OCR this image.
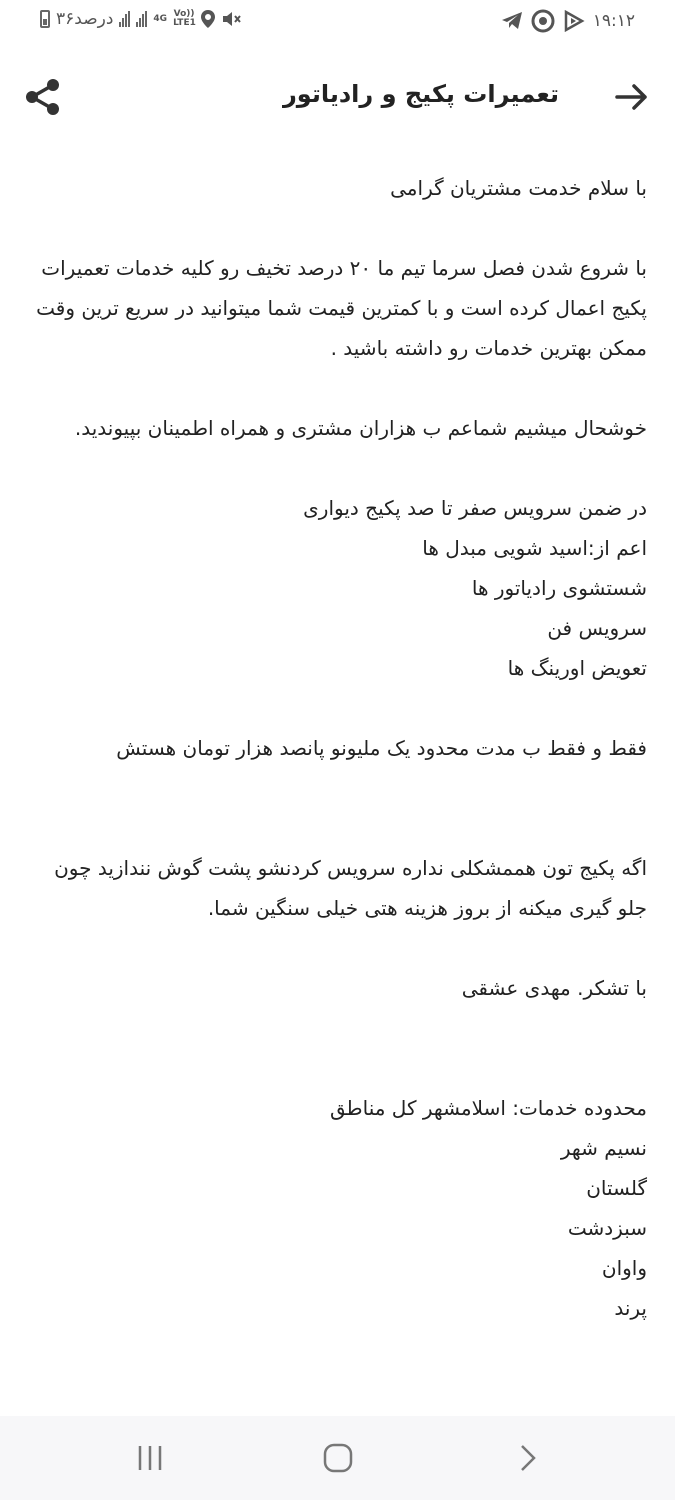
۳۶درصد	4G Vo)) LTE1	۱۹:۱۲
تعمیرات پکیج و رادیاتور

با سلام خدمت مشتریان گرامی

با شروع شدن فصل سرما تیم ما ۲۰ درصد تخیف رو کلیه خدمات تعمیرات پکیج اعمال کرده است و با کمترین قیمت شما میتوانید در سریع ترین وقت ممکن بهترین خدمات رو داشته باشید .

خوشحال میشیم شماعم ب هزاران مشتری و همراه اطمینان بپیوندید.

در ضمن سرویس صفر تا صد پکیج دیواری

اعم از:اسید شویی مبدل ها

شستشوی رادیاتور ها

سرویس فن

تعویض اورینگ ها

فقط و فقط ب مدت محدود یک ملیونو پانصد هزار تومان هستش

اگه پکیج تون هممشکلی نداره سرویس کردنشو پشت گوش نندازید چون جلو گیری میکنه از بروز هزینه هتی خیلی سنگین شما.

با تشکر. مهدی عشقی

محدوده خدمات: اسلامشهر کل مناطق

نسیم شهر

گلستان

سبزدشت

واوان

پرند
